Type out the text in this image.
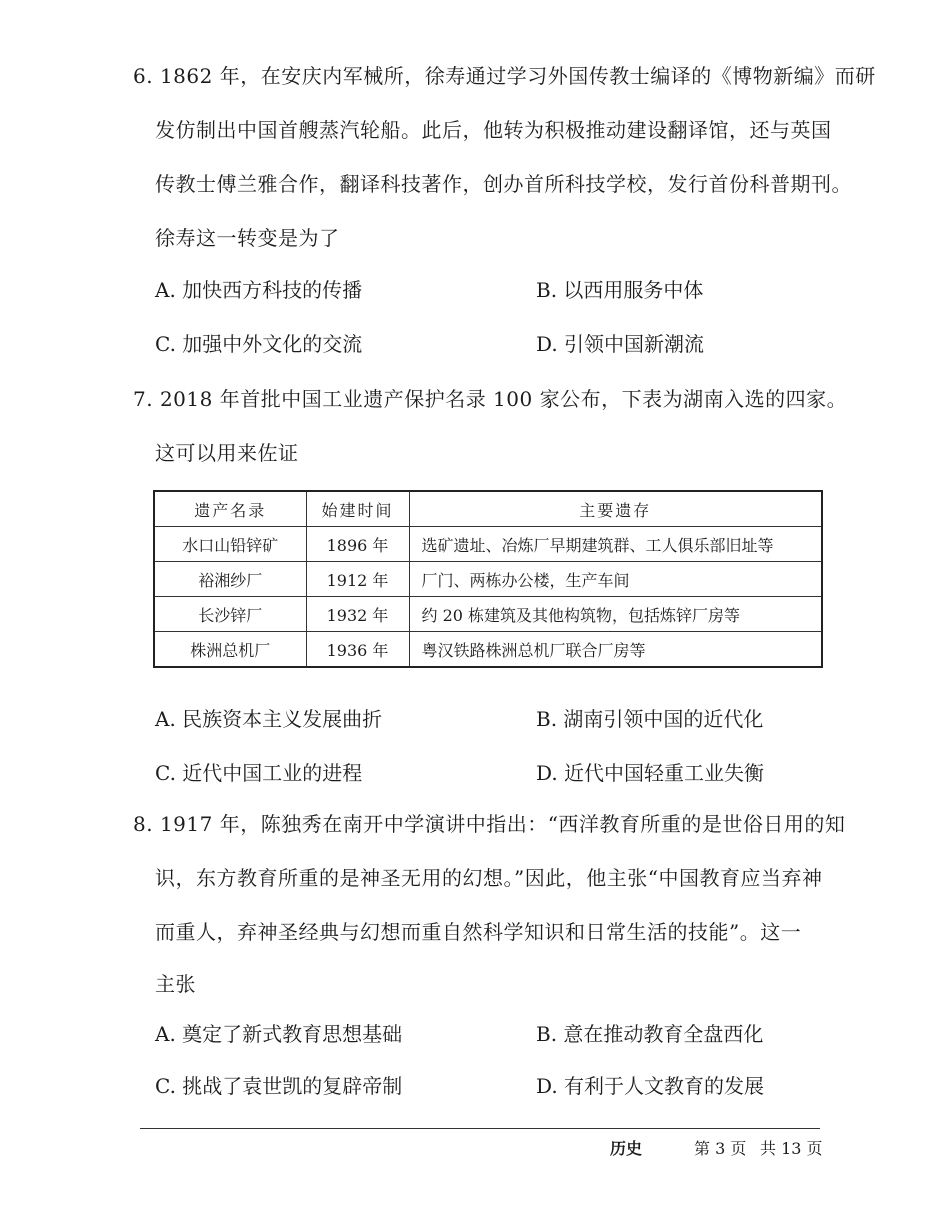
6. 1862 年，在安庆内军械所，徐寿通过学习外国传教士编译的《博物新编》而研
发仿制出中国首艘蒸汽轮船。此后，他转为积极推动建设翻译馆，还与英国
传教士傅兰雅合作，翻译科技著作，创办首所科技学校，发行首份科普期刊。
徐寿这一转变是为了
A. 加快西方科技的传播	B. 以西用服务中体
C. 加强中外文化的交流	D. 引领中国新潮流
7. 2018 年首批中国工业遗产保护名录 100 家公布，下表为湖南入选的四家。
这可以用来佐证
遗产名录	始建时间	主要遗存
水口山铅锌矿	1896 年	选矿遗址、冶炼厂早期建筑群、工人俱乐部旧址等
裕湘纱厂	1912 年	厂门、两栋办公楼，生产车间
长沙锌厂	1932 年	约 20 栋建筑及其他构筑物，包括炼锌厂房等
株洲总机厂	1936 年	粤汉铁路株洲总机厂联合厂房等
A. 民族资本主义发展曲折	B. 湖南引领中国的近代化
C. 近代中国工业的进程	D. 近代中国轻重工业失衡
8. 1917 年，陈独秀在南开中学演讲中指出：“西洋教育所重的是世俗日用的知
识，东方教育所重的是神圣无用的幻想。”因此，他主张“中国教育应当弃神
而重人，弃神圣经典与幻想而重自然科学知识和日常生活的技能”。这一
主张
A. 奠定了新式教育思想基础	B. 意在推动教育全盘西化
C. 挑战了袁世凯的复辟帝制	D. 有利于人文教育的发展
历史	第 3 页 共 13 页
